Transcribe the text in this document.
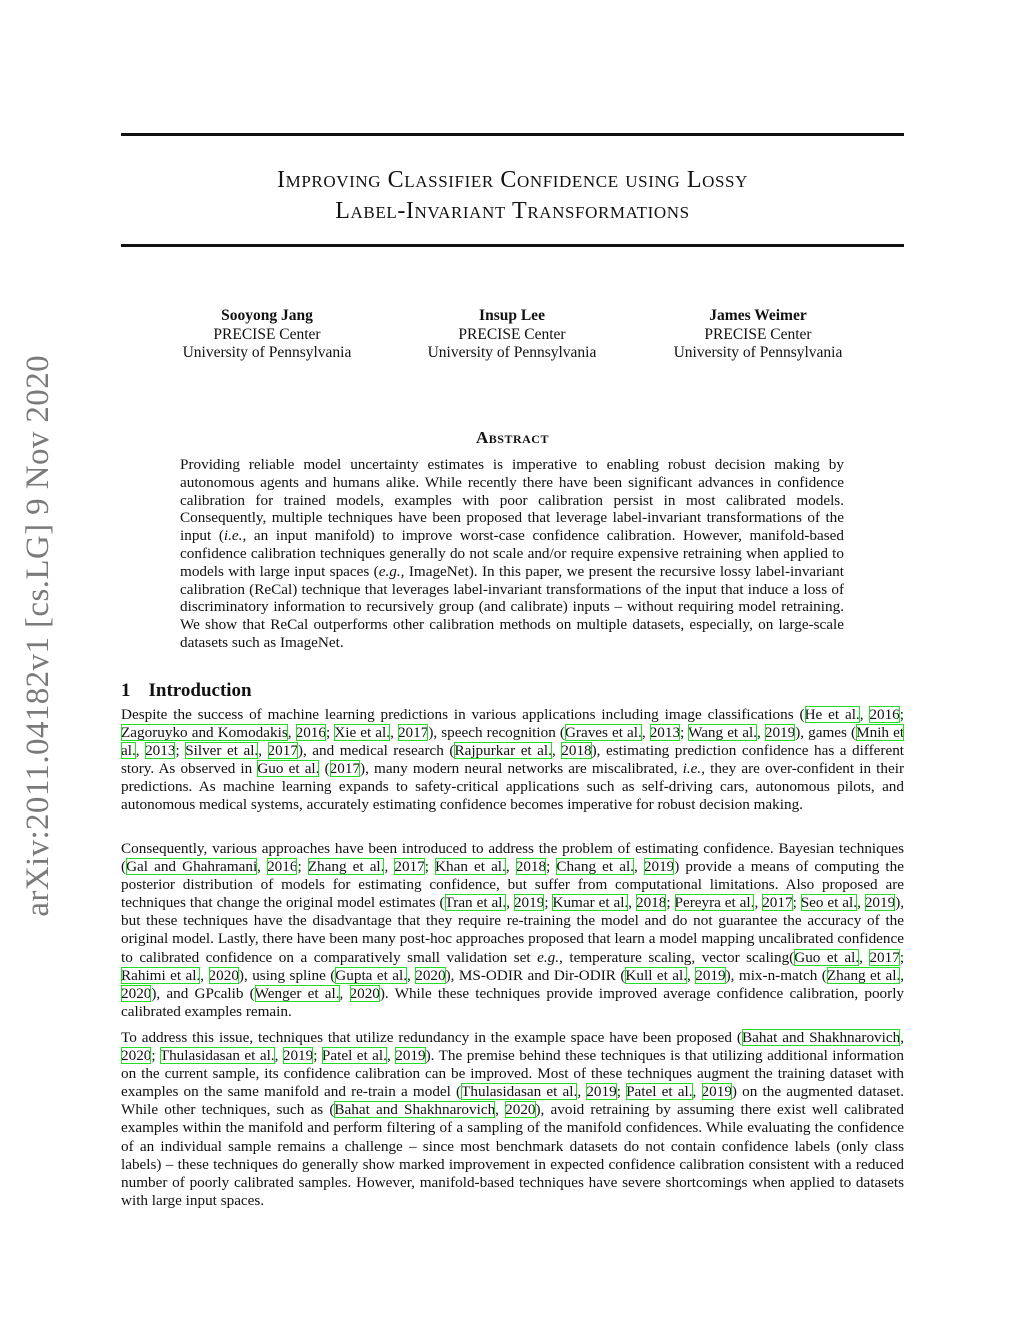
arXiv:2011.04182v1 [cs.LG] 9 Nov 2020
Improving Classifier Confidence using Lossy
Label-Invariant Transformations
Sooyong Jang
PRECISE Center
University of Pennsylvania
Insup Lee
PRECISE Center
University of Pennsylvania
James Weimer
PRECISE Center
University of Pennsylvania
Abstract
Providing reliable model uncertainty estimates is imperative to enabling robust decision making by autonomous agents and humans alike. While recently there have been significant advances in confidence calibration for trained models, examples with poor calibration persist in most calibrated models. Consequently, multiple techniques have been proposed that leverage label-invariant transformations of the input (i.e., an input manifold) to improve worst-case confidence calibration. However, manifold-based confidence calibration techniques generally do not scale and/or require expensive retraining when applied to models with large input spaces (e.g., ImageNet). In this paper, we present the recursive lossy label-invariant calibration (ReCal) technique that leverages label-invariant transformations of the input that induce a loss of discriminatory information to recursively group (and calibrate) inputs – without requiring model retraining. We show that ReCal outperforms other calibration methods on multiple datasets, especially, on large-scale datasets such as ImageNet.
1 Introduction

Despite the success of machine learning predictions in various applications including image classifications (He et al., 2016; Zagoruyko and Komodakis, 2016; Xie et al., 2017), speech recognition (Graves et al., 2013; Wang et al., 2019), games (Mnih et al., 2013; Silver et al., 2017), and medical research (Rajpurkar et al., 2018), estimating prediction confidence has a different story. As observed in Guo et al. (2017), many modern neural networks are miscalibrated, i.e., they are over-confident in their predictions. As machine learning expands to safety-critical applications such as self-driving cars, autonomous pilots, and autonomous medical systems, accurately estimating confidence becomes imperative for robust decision making.

Consequently, various approaches have been introduced to address the problem of estimating confidence. Bayesian techniques (Gal and Ghahramani, 2016; Zhang et al., 2017; Khan et al., 2018; Chang et al., 2019) provide a means of computing the posterior distribution of models for estimating confidence, but suffer from computational limitations. Also proposed are techniques that change the original model estimates (Tran et al., 2019; Kumar et al., 2018; Pereyra et al., 2017; Seo et al., 2019), but these techniques have the disadvantage that they require re-training the model and do not guarantee the accuracy of the original model. Lastly, there have been many post-hoc approaches proposed that learn a model mapping uncalibrated confidence to calibrated confidence on a comparatively small validation set e.g., temperature scaling, vector scaling(Guo et al., 2017; Rahimi et al., 2020), using spline (Gupta et al., 2020), MS-ODIR and Dir-ODIR (Kull et al., 2019), mix-n-match (Zhang et al., 2020), and GPcalib (Wenger et al., 2020). While these techniques provide improved average confidence calibration, poorly calibrated examples remain.

To address this issue, techniques that utilize redundancy in the example space have been proposed (Bahat and Shakhnarovich, 2020; Thulasidasan et al., 2019; Patel et al., 2019). The premise behind these techniques is that utilizing additional information on the current sample, its confidence calibration can be improved. Most of these techniques augment the training dataset with examples on the same manifold and re-train a model (Thulasidasan et al., 2019; Patel et al., 2019) on the augmented dataset. While other techniques, such as (Bahat and Shakhnarovich, 2020), avoid retraining by assuming there exist well calibrated examples within the manifold and perform filtering of a sampling of the manifold confidences. While evaluating the confidence of an individual sample remains a challenge – since most benchmark datasets do not contain confidence labels (only class labels) – these techniques do generally show marked improvement in expected confidence calibration consistent with a reduced number of poorly calibrated samples. However, manifold-based techniques have severe shortcomings when applied to datasets with large input spaces.
